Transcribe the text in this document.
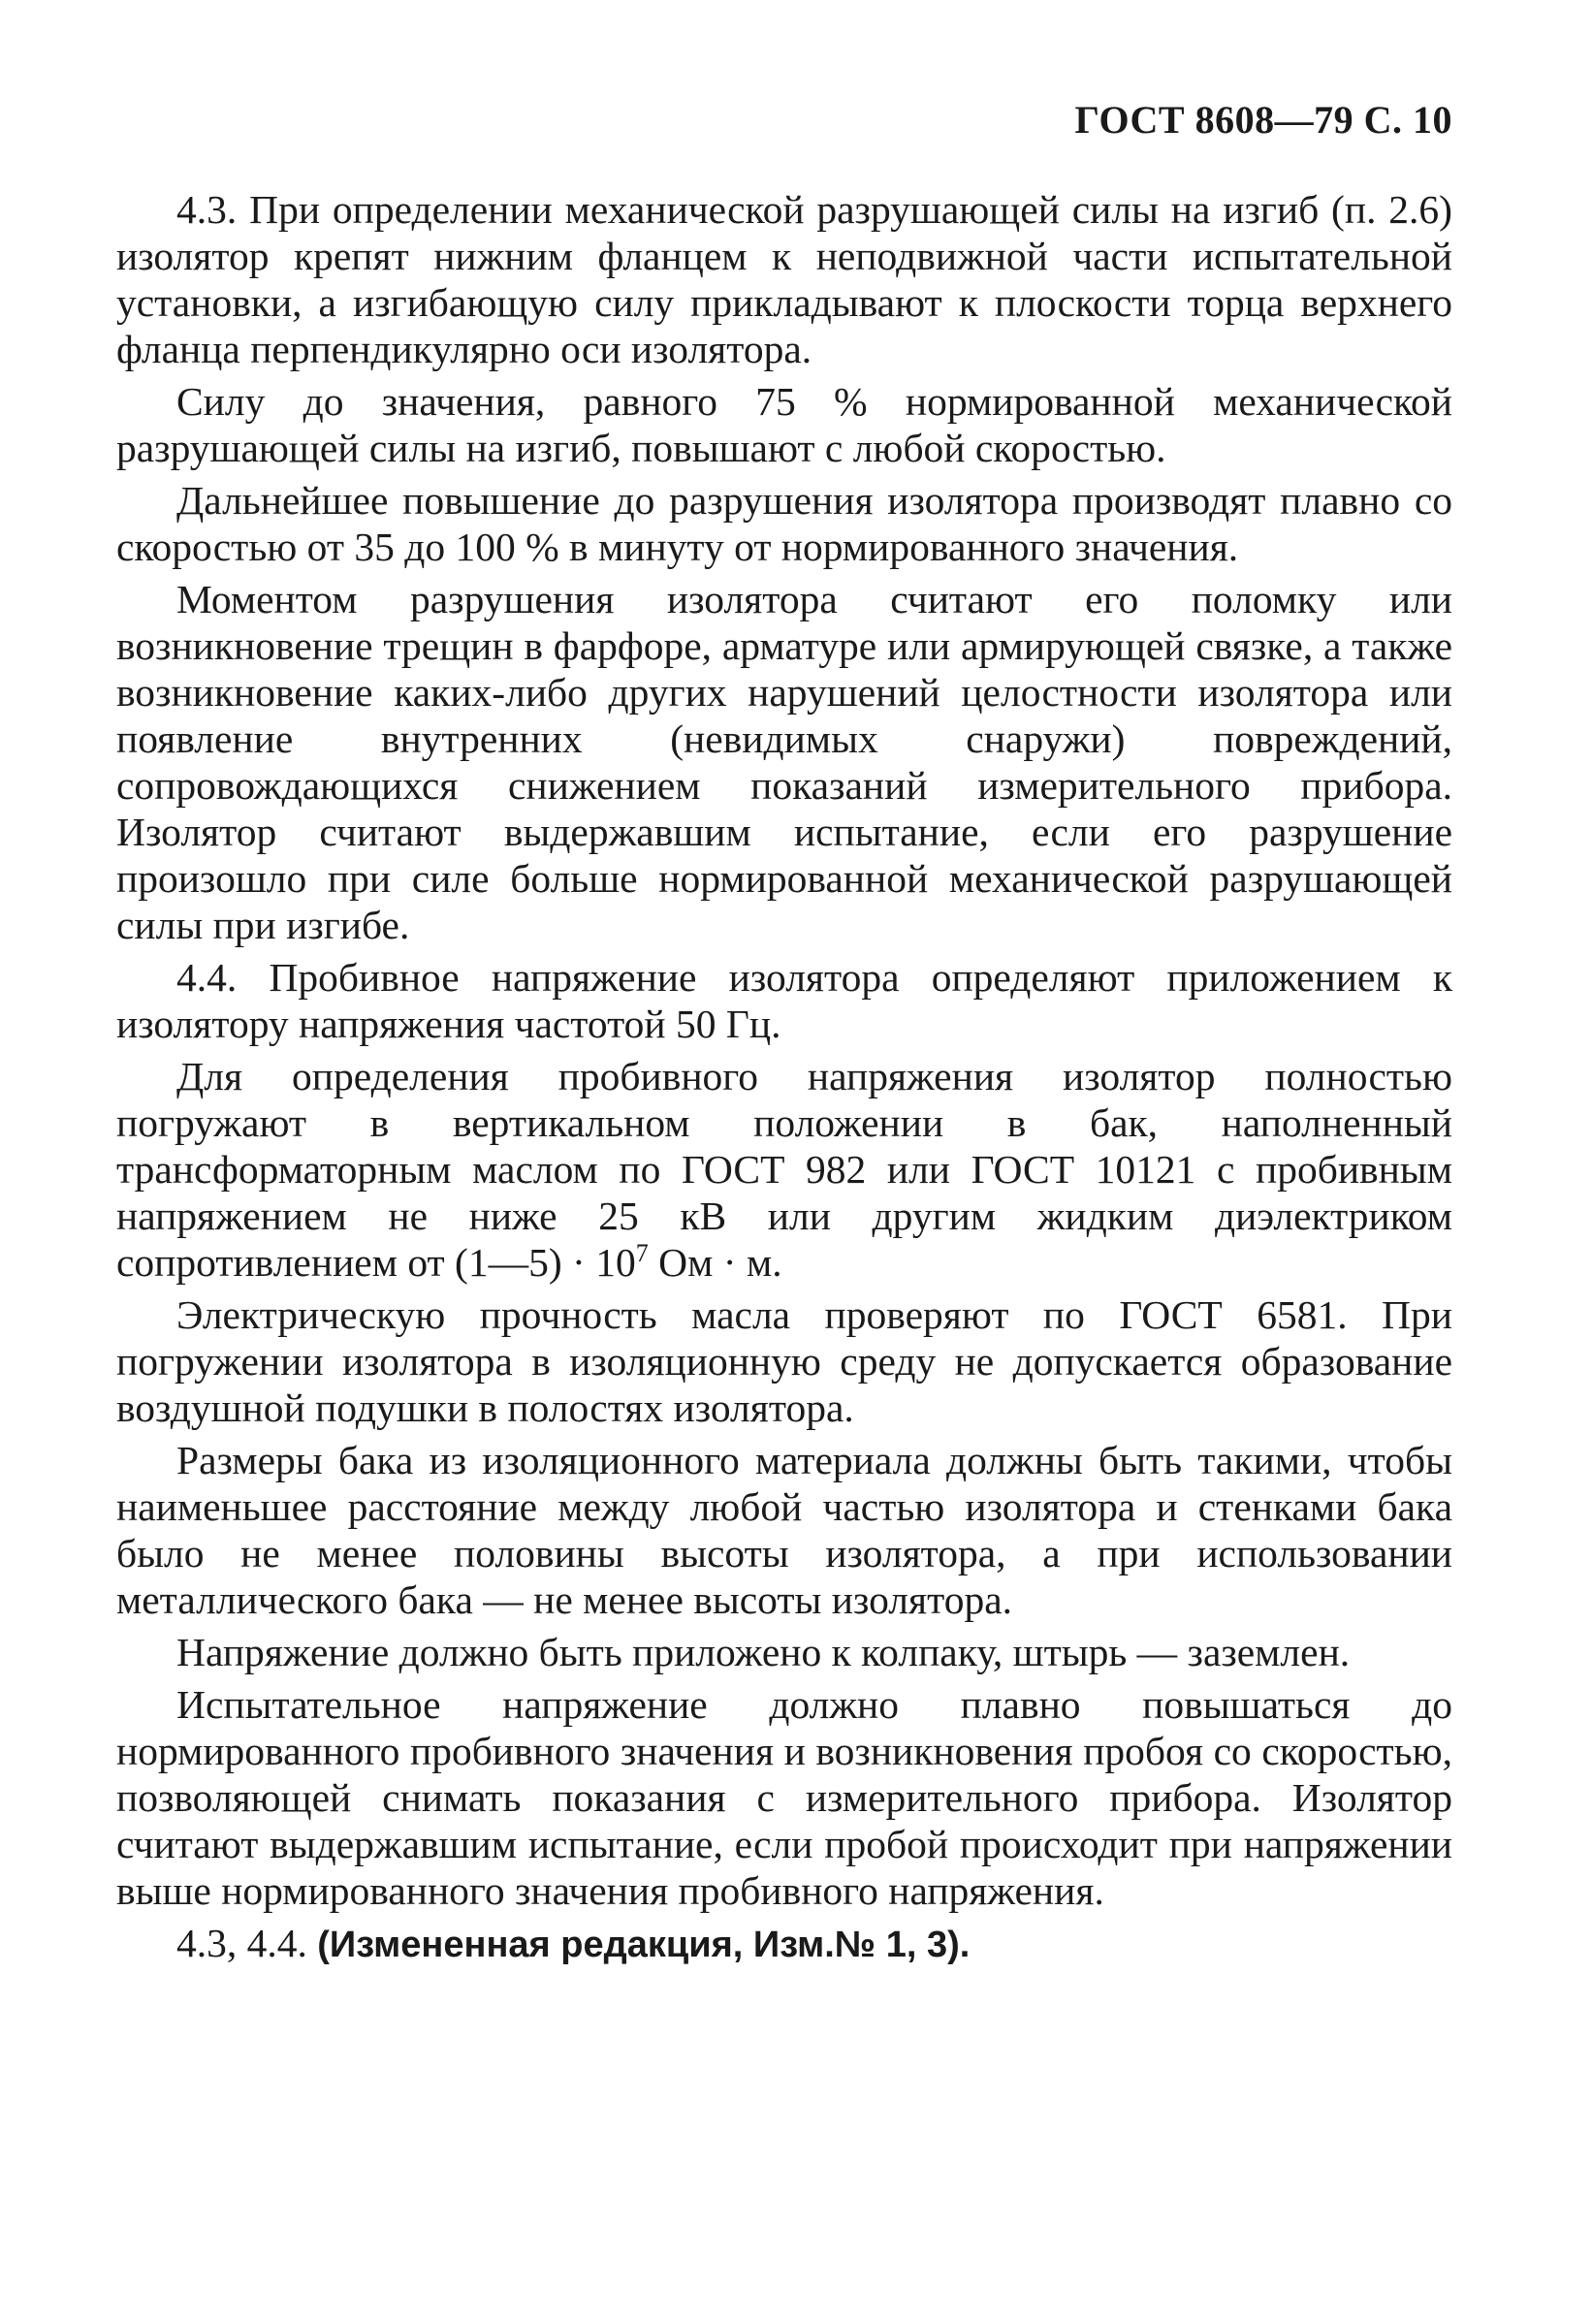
ГОСТ 8608—79 С. 10

4.3. При определении механической разрушающей силы на изгиб (п. 2.6) изолятор крепят нижним фланцем к неподвижной части испытательной установки, а изгибающую силу прикладывают к плоскости торца верхнего фланца перпендикулярно оси изолятора.

Силу до значения, равного 75 % нормированной механической разрушающей силы на изгиб, повышают с любой скоростью.

Дальнейшее повышение до разрушения изолятора производят плавно со скоростью от 35 до 100 % в минуту от нормированного значения.

Моментом разрушения изолятора считают его поломку или возникновение трещин в фарфоре, арматуре или армирующей связке, а также возникновение каких-либо других нарушений целостности изолятора или появление внутренних (невидимых снаружи) повреждений, сопровождающихся снижением показаний измерительного прибора. Изолятор считают выдержавшим испытание, если его разрушение произошло при силе больше нормированной механической разрушающей силы при изгибе.

4.4. Пробивное напряжение изолятора определяют приложением к изолятору напряжения частотой 50 Гц.

Для определения пробивного напряжения изолятор полностью погружают в вертикальном положении в бак, наполненный трансформаторным маслом по ГОСТ 982 или ГОСТ 10121 с пробивным напряжением не ниже 25 кВ или другим жидким диэлектриком сопротивлением от (1—5) · $10^7$ Ом · м.

Электрическую прочность масла проверяют по ГОСТ 6581. При погружении изолятора в изоляционную среду не допускается образование воздушной подушки в полостях изолятора.

Размеры бака из изоляционного материала должны быть такими, чтобы наименьшее расстояние между любой частью изолятора и стенками бака было не менее половины высоты изолятора, а при использовании металлического бака — не менее высоты изолятора.

Напряжение должно быть приложено к колпаку, штырь — заземлен.

Испытательное напряжение должно плавно повышаться до нормированного пробивного значения и возникновения пробоя со скоростью, позволяющей снимать показания с измерительного прибора. Изолятор считают выдержавшим испытание, если пробой происходит при напряжении выше нормированного значения пробивного напряжения.

4.3, 4.4. (Измененная редакция, Изм.№ 1, 3).
